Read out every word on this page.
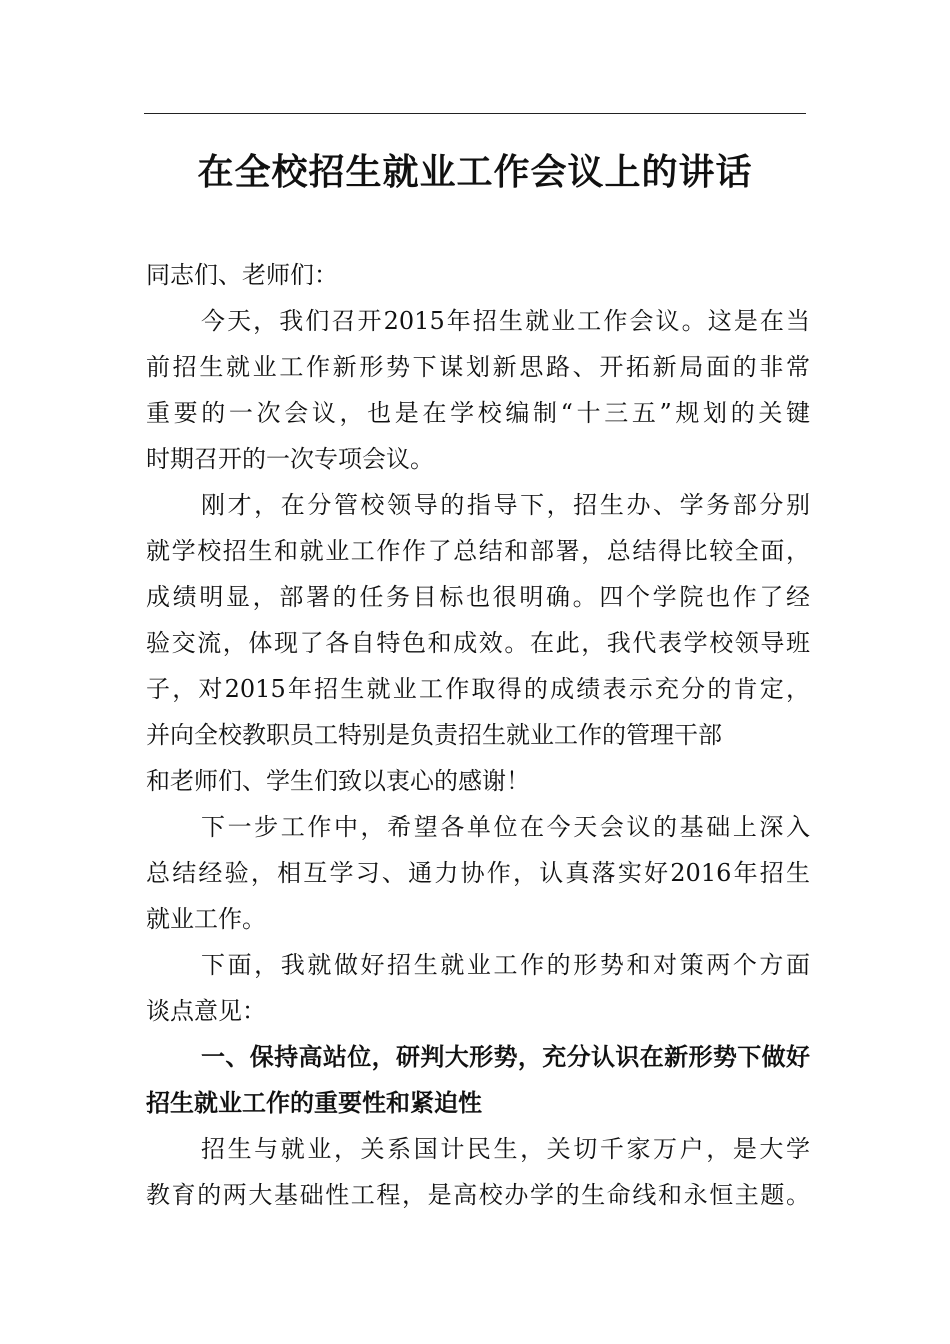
在全校招生就业工作会议上的讲话
同志们、老师们：
今天，我们召开2015年招生就业工作会议。这是在当
前招生就业工作新形势下谋划新思路、开拓新局面的非常
重要的一次会议，也是在学校编制“十三五”规划的关键
时期召开的一次专项会议。
刚才，在分管校领导的指导下，招生办、学务部分别
就学校招生和就业工作作了总结和部署，总结得比较全面，
成绩明显，部署的任务目标也很明确。四个学院也作了经
验交流，体现了各自特色和成效。在此，我代表学校领导班
子，对2015年招生就业工作取得的成绩表示充分的肯定，
并向全校教职员工特别是负责招生就业工作的管理干部
和老师们、学生们致以衷心的感谢！
下一步工作中，希望各单位在今天会议的基础上深入
总结经验，相互学习、通力协作，认真落实好2016年招生
就业工作。
下面，我就做好招生就业工作的形势和对策两个方面
谈点意见：
一、保持高站位，研判大形势，充分认识在新形势下做好
招生就业工作的重要性和紧迫性
招生与就业，关系国计民生，关切千家万户，是大学
教育的两大基础性工程，是高校办学的生命线和永恒主题。
